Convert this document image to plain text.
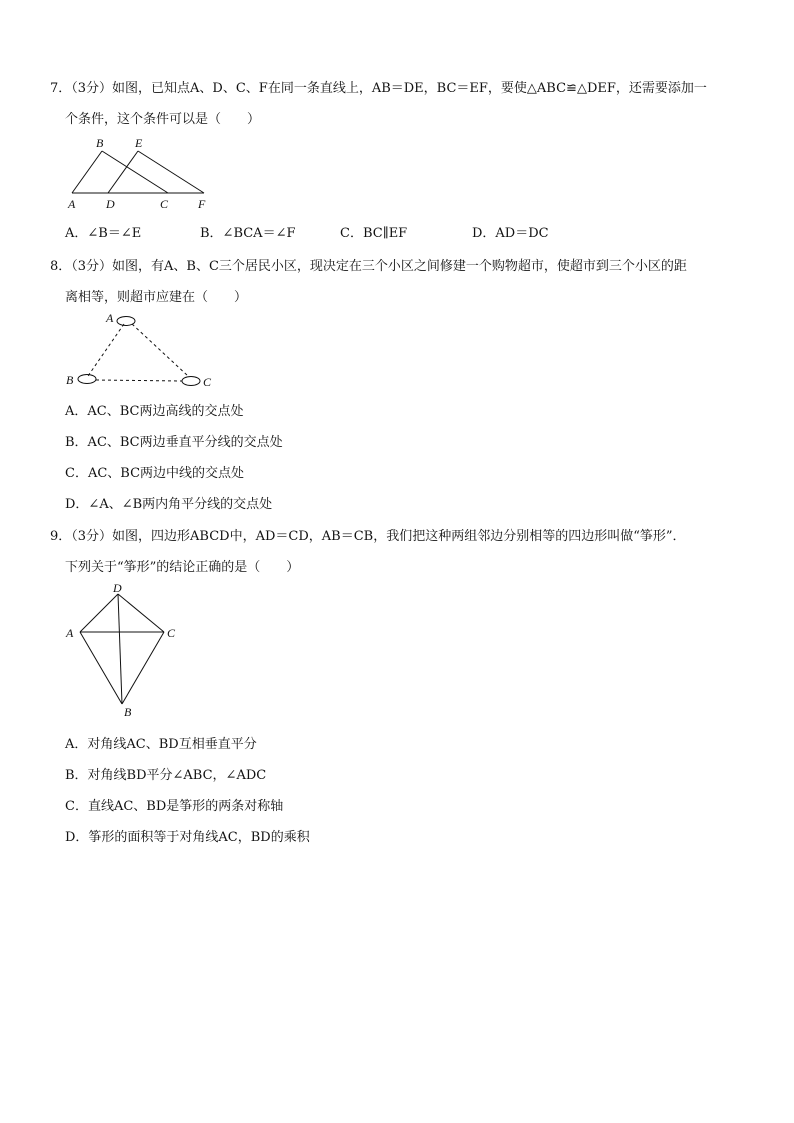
7．（3分）如图，已知点A、D、C、F在同一条直线上，AB＝DE，BC＝EF，要使△ABC≌△DEF，还需要添加一
个条件，这个条件可以是（　　）
B	E
A	D	C F
A．∠B＝∠E	B．∠BCA＝∠F	C．BC∥EF	D．AD＝DC
8．（3分）如图，有A、B、C三个居民小区，现决定在三个小区之间修建一个购物超市，使超市到三个小区的距
离相等，则超市应建在（　　）
A
B	C
A．AC、BC两边高线的交点处
B．AC、BC两边垂直平分线的交点处
C．AC、BC两边中线的交点处
D．∠A、∠B两内角平分线的交点处
9．（3分）如图，四边形ABCD中，AD＝CD，AB＝CB，我们把这种两组邻边分别相等的四边形叫做“筝形”．
下列关于“筝形”的结论正确的是（　　）
D
A	C
B
A．对角线AC、BD互相垂直平分
B．对角线BD平分∠ABC，∠ADC
C．直线AC、BD是筝形的两条对称轴
D．筝形的面积等于对角线AC，BD的乘积
